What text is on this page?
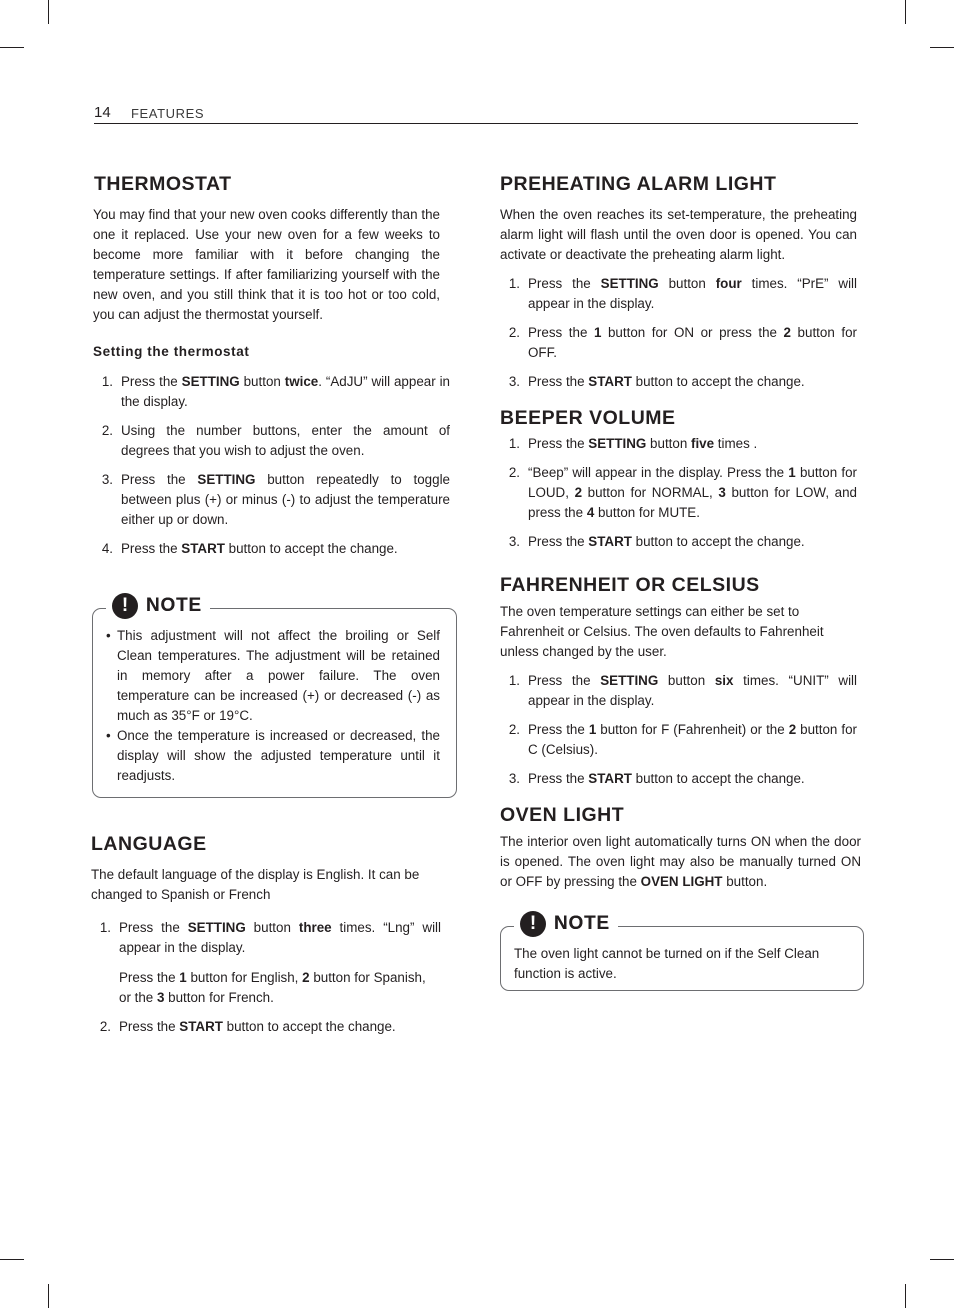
14 FEATURES
THERMOSTAT

You may find that your new oven cooks differently than the one it replaced. Use your new oven for a few weeks to become more familiar with it before changing the temperature settings. If after familiarizing yourself with the new oven, and you still think that it is too hot or too cold, you can adjust the thermostat yourself.

Setting the thermostat
1. Press the SETTING button twice. “AdJU” will appear in the display.
2. Using the number buttons, enter the amount of degrees that you wish to adjust the oven.
3. Press the SETTING button repeatedly to toggle between plus (+) or minus (-) to adjust the temperature either up or down.
4. Press the START button to accept the change.
! NOTE
• This adjustment will not affect the broiling or Self Clean temperatures. The adjustment will be retained in memory after a power failure. The oven temperature can be increased (+) or decreased (-) as much as 35°F or 19°C.
• Once the temperature is increased or decreased, the display will show the adjusted temperature until it readjusts.
LANGUAGE

The default language of the display is English. It can be changed to Spanish or French

1. Press the SETTING button three times. “Lng” will appear in the display.
Press the 1 button for English, 2 button for Spanish, or the 3 button for French.
2. Press the START button to accept the change.
PREHEATING ALARM LIGHT

When the oven reaches its set-temperature, the preheating alarm light will flash until the oven door is opened. You can activate or deactivate the preheating alarm light.

1. Press the SETTING button four times. “PrE” will appear in the display.
2. Press the 1 button for ON or press the 2 button for OFF.
3. Press the START button to accept the change.
BEEPER VOLUME
1. Press the SETTING button five times .
2. “Beep” will appear in the display. Press the 1 button for LOUD, 2 button for NORMAL, 3 button for LOW, and press the 4 button for MUTE.
3. Press the START button to accept the change.
FAHRENHEIT OR CELSIUS

The oven temperature settings can either be set to Fahrenheit or Celsius. The oven defaults to Fahrenheit unless changed by the user.

1. Press the SETTING button six times. “UNIT” will appear in the display.
2. Press the 1 button for F (Fahrenheit) or the 2 button for C (Celsius).
3. Press the START button to accept the change.
OVEN LIGHT

The interior oven light automatically turns ON when the door is opened. The oven light may also be manually turned ON or OFF by pressing the OVEN LIGHT button.

! NOTE

The oven light cannot be turned on if the Self Clean function is active.
